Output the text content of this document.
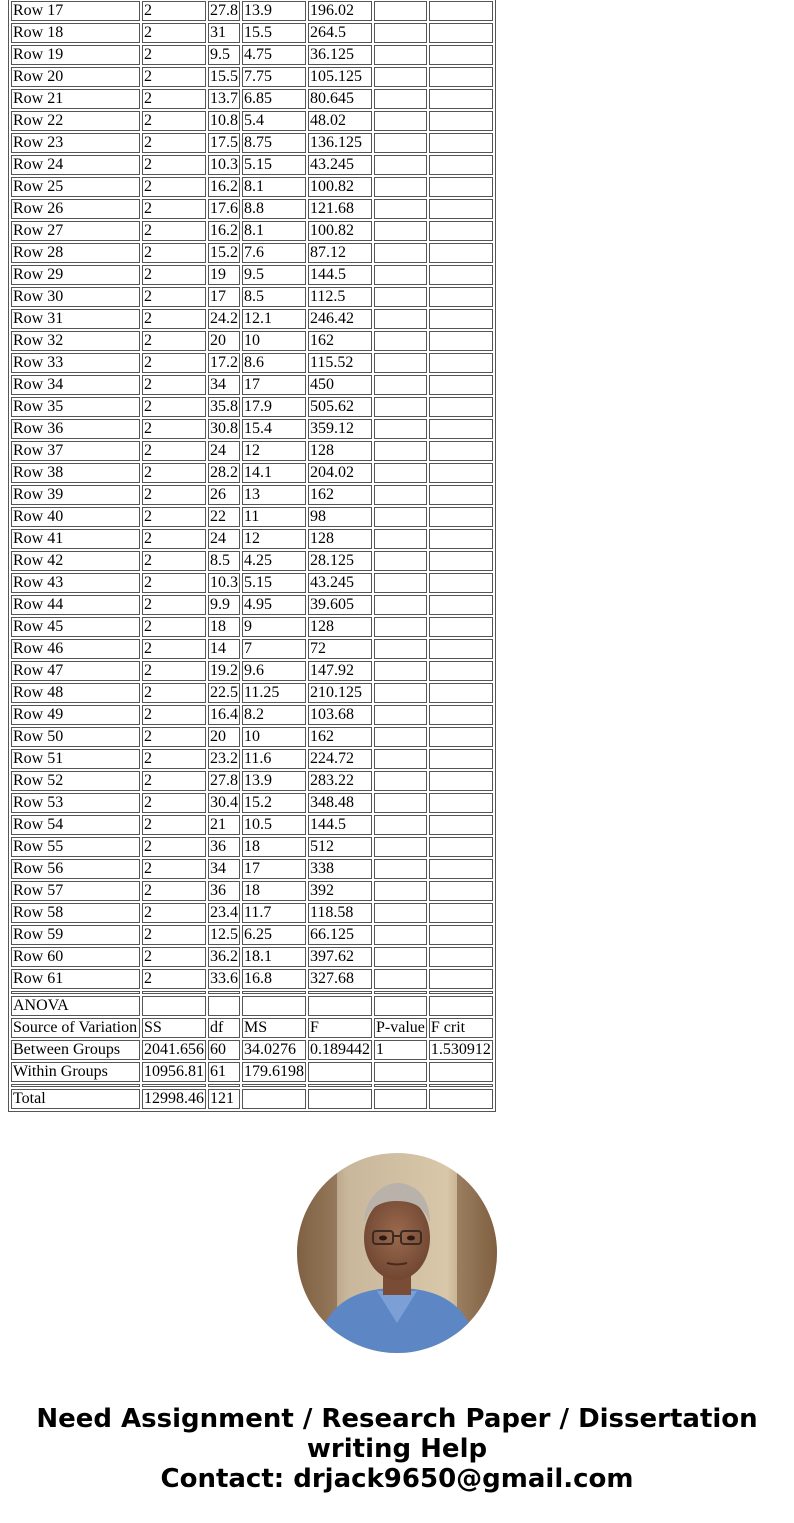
Row 17	2	27.8	13.9	196.02		
Row 18	2	31	15.5	264.5		
Row 19	2	9.5	4.75	36.125		
Row 20	2	15.5	7.75	105.125		
Row 21	2	13.7	6.85	80.645		
Row 22	2	10.8	5.4	48.02		
Row 23	2	17.5	8.75	136.125		
Row 24	2	10.3	5.15	43.245		
Row 25	2	16.2	8.1	100.82		
Row 26	2	17.6	8.8	121.68		
Row 27	2	16.2	8.1	100.82		
Row 28	2	15.2	7.6	87.12		
Row 29	2	19	9.5	144.5		
Row 30	2	17	8.5	112.5		
Row 31	2	24.2	12.1	246.42		
Row 32	2	20	10	162		
Row 33	2	17.2	8.6	115.52		
Row 34	2	34	17	450		
Row 35	2	35.8	17.9	505.62		
Row 36	2	30.8	15.4	359.12		
Row 37	2	24	12	128		
Row 38	2	28.2	14.1	204.02		
Row 39	2	26	13	162		
Row 40	2	22	11	98		
Row 41	2	24	12	128		
Row 42	2	8.5	4.25	28.125		
Row 43	2	10.3	5.15	43.245		
Row 44	2	9.9	4.95	39.605		
Row 45	2	18	9	128		
Row 46	2	14	7	72		
Row 47	2	19.2	9.6	147.92		
Row 48	2	22.5	11.25	210.125		
Row 49	2	16.4	8.2	103.68		
Row 50	2	20	10	162		
Row 51	2	23.2	11.6	224.72		
Row 52	2	27.8	13.9	283.22		
Row 53	2	30.4	15.2	348.48		
Row 54	2	21	10.5	144.5		
Row 55	2	36	18	512		
Row 56	2	34	17	338		
Row 57	2	36	18	392		
Row 58	2	23.4	11.7	118.58		
Row 59	2	12.5	6.25	66.125		
Row 60	2	36.2	18.1	397.62		
Row 61	2	33.6	16.8	327.68		

ANOVA						
Source of Variation	SS	df	MS	F	P-value	F crit
Between Groups	2041.656	60	34.0276	0.189442	1	1.530912
Within Groups	10956.81	61	179.6198			

Total	12998.46	121				
Need Assignment / Research Paper / Dissertation
writing Help
Contact: drjack9650@gmail.com
